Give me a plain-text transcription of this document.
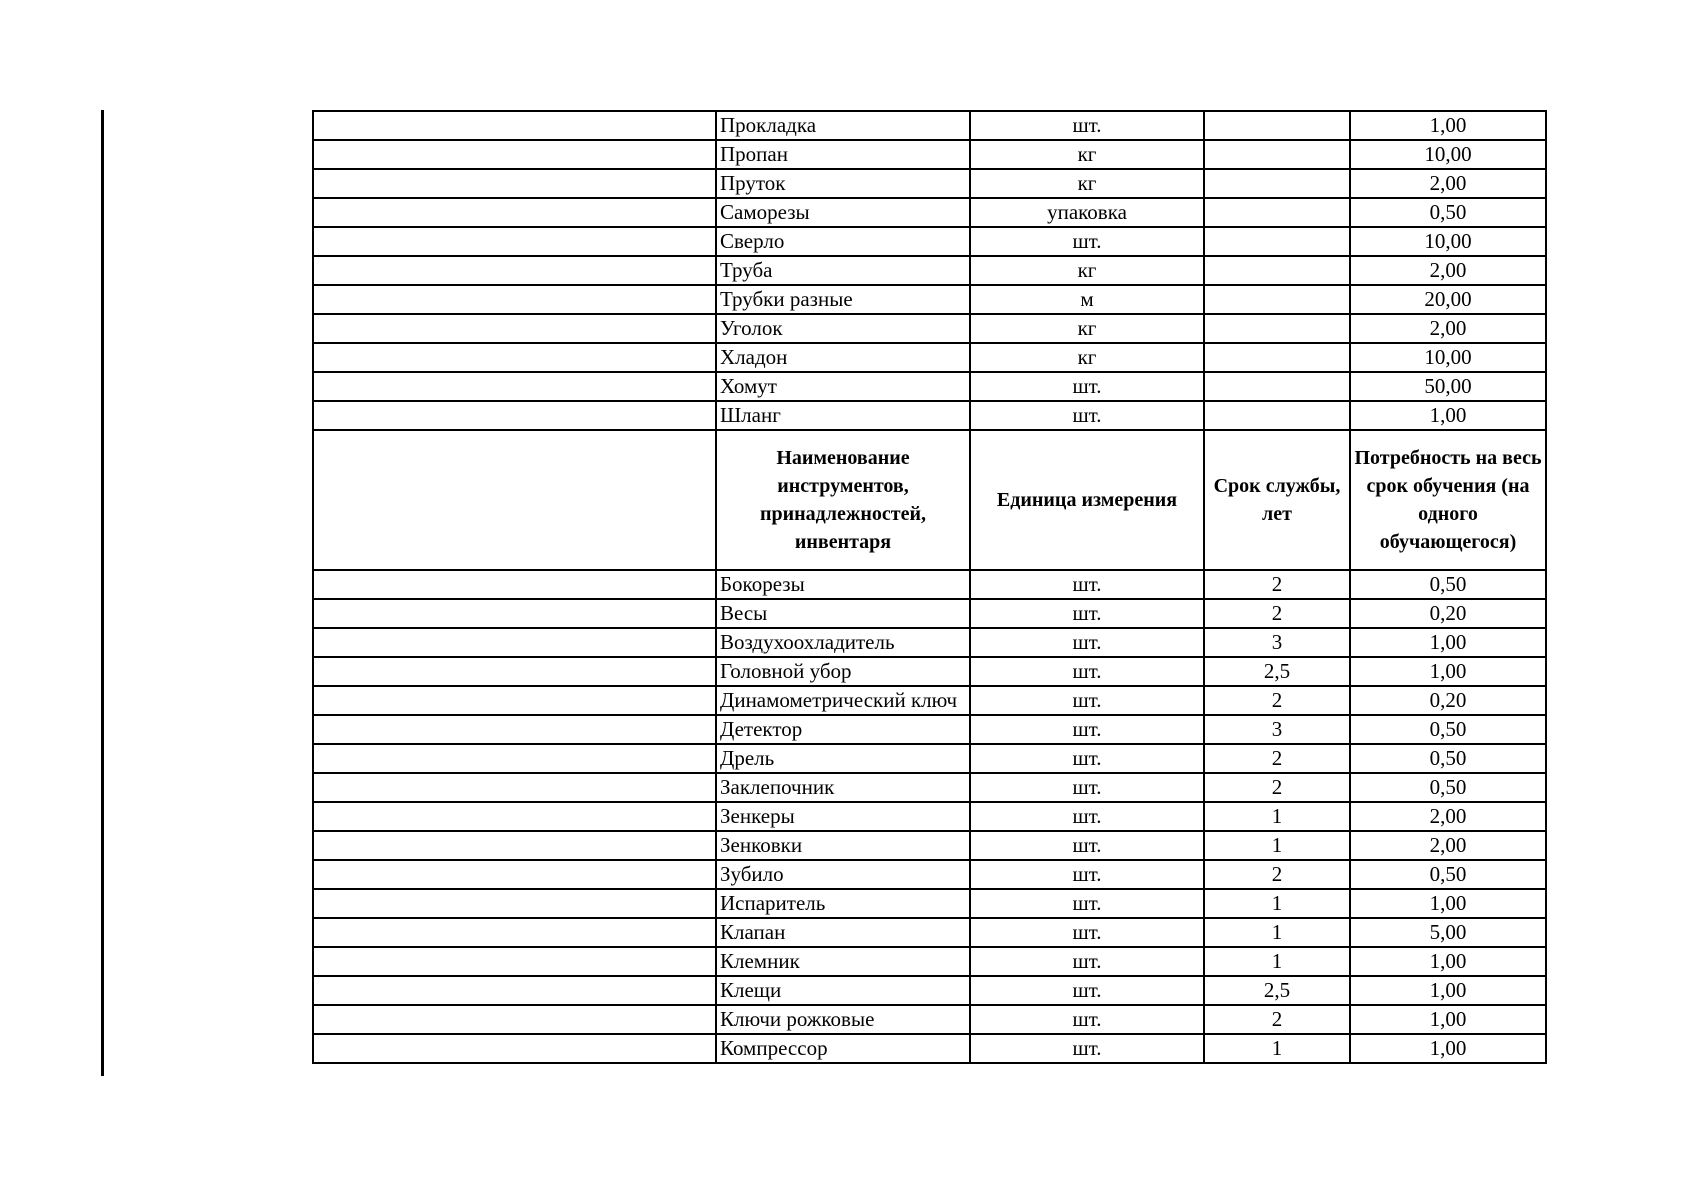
	Прокладка	шт.		1,00
	Пропан	кг		10,00
	Пруток	кг		2,00
	Саморезы	упаковка		0,50
	Сверло	шт.		10,00
	Труба	кг		2,00
	Трубки разные	м		20,00
	Уголок	кг		2,00
	Хладон	кг		10,00
	Хомут	шт.		50,00
	Шланг	шт.		1,00
	Наименование инструментов, принадлежностей, инвентаря	Единица измерения	Срок службы, лет	Потребность на весь срок обучения (на одного обучающегося)
	Бокорезы	шт.	2	0,50
	Весы	шт.	2	0,20
	Воздухоохладитель	шт.	3	1,00
	Головной убор	шт.	2,5	1,00
	Динамометрический ключ	шт.	2	0,20
	Детектор	шт.	3	0,50
	Дрель	шт.	2	0,50
	Заклепочник	шт.	2	0,50
	Зенкеры	шт.	1	2,00
	Зенковки	шт.	1	2,00
	Зубило	шт.	2	0,50
	Испаритель	шт.	1	1,00
	Клапан	шт.	1	5,00
	Клемник	шт.	1	1,00
	Клещи	шт.	2,5	1,00
	Ключи рожковые	шт.	2	1,00
	Компрессор	шт.	1	1,00
